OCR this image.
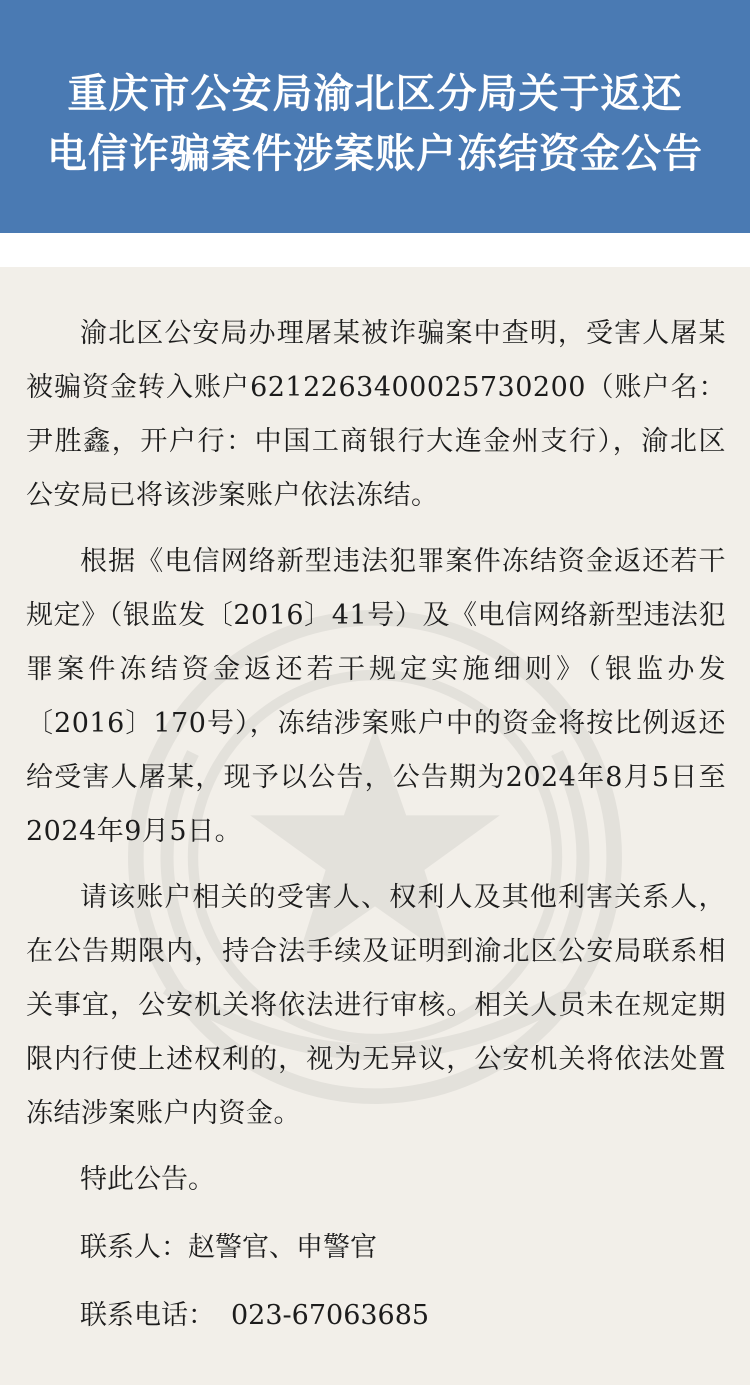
重庆市公安局渝北区分局关于返还
电信诈骗案件涉案账户冻结资金公告

渝北区公安局办理屠某被诈骗案中查明，受害人屠某被骗资金转入账户6212263400025730200（账户名：尹胜鑫，开户行：中国工商银行大连金州支行），渝北区公安局已将该涉案账户依法冻结。

根据《电信网络新型违法犯罪案件冻结资金返还若干规定》（银监发〔2016〕41号）及《电信网络新型违法犯罪案件冻结资金返还若干规定实施细则》（银监办发〔2016〕170号），冻结涉案账户中的资金将按比例返还给受害人屠某，现予以公告，公告期为2024年8月5日至2024年9月5日。

请该账户相关的受害人、权利人及其他利害关系人，在公告期限内，持合法手续及证明到渝北区公安局联系相关事宜，公安机关将依法进行审核。相关人员未在规定期限内行使上述权利的，视为无异议，公安机关将依法处置冻结涉案账户内资金。

特此公告。

联系人：赵警官、申警官

联系电话： 023-67063685
